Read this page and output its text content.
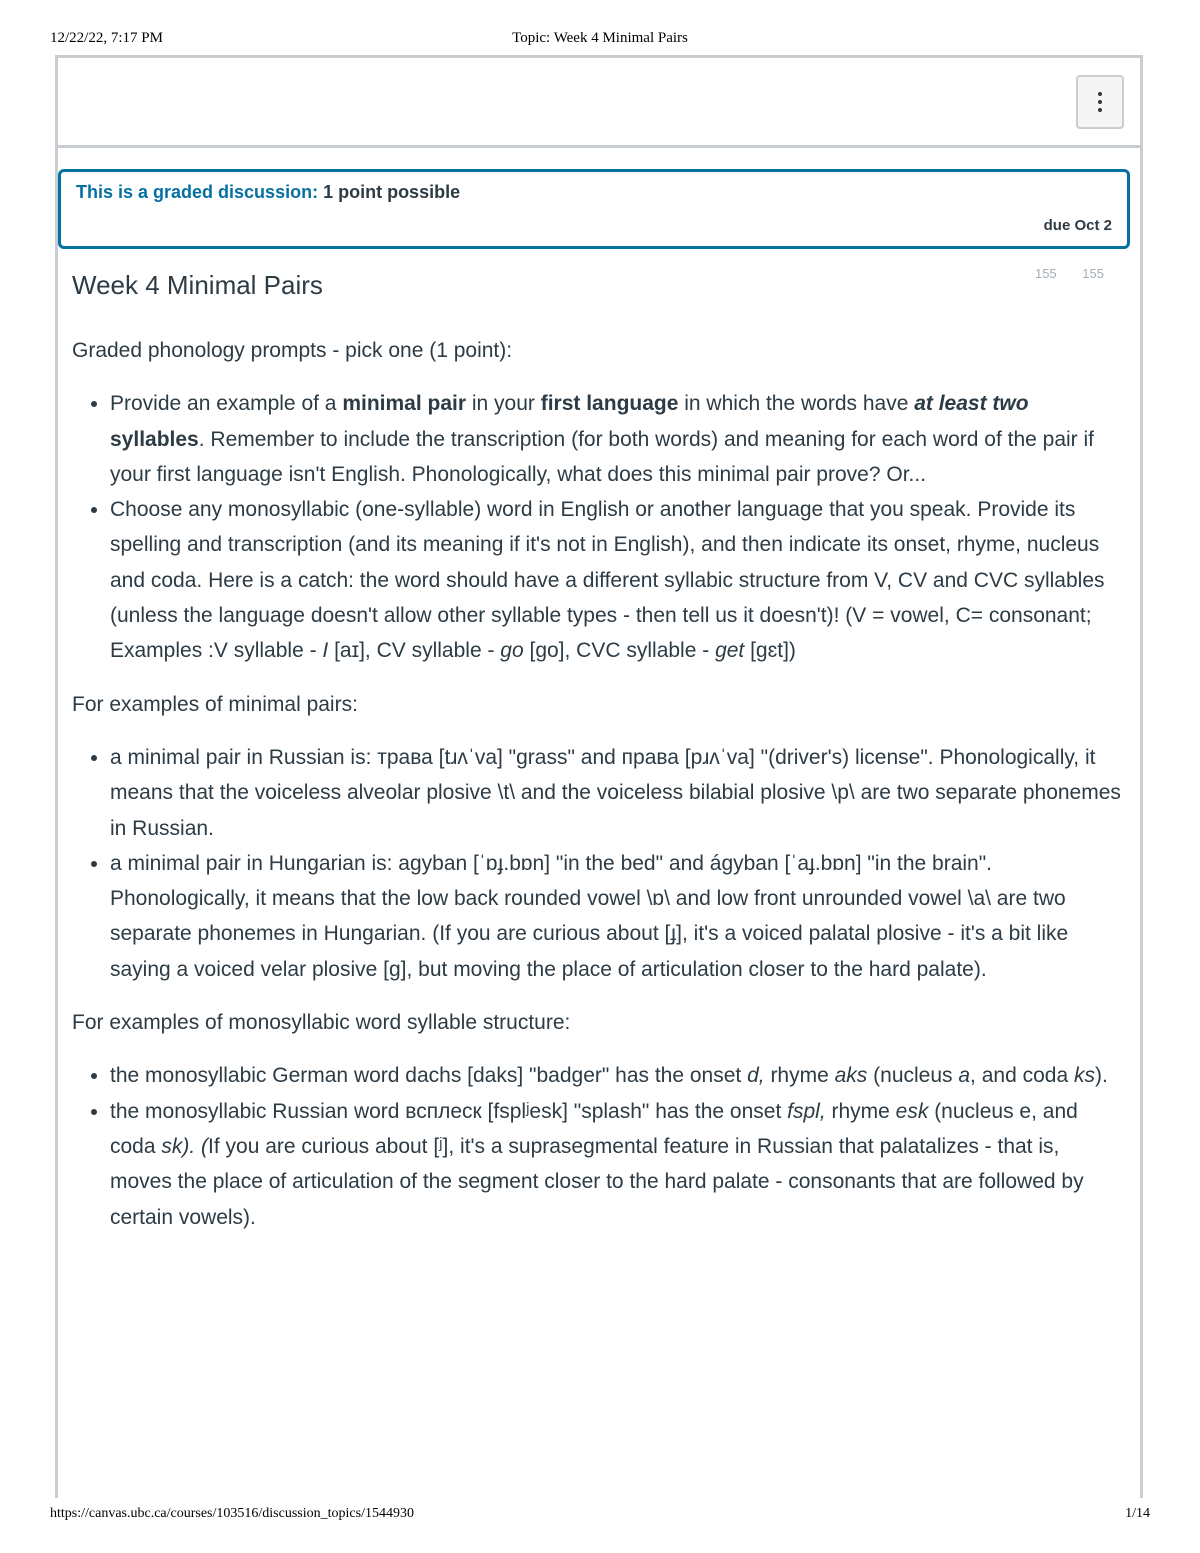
12/22/22, 7:17 PM	Topic: Week 4 Minimal Pairs
This is a graded discussion: 1 point possible
due Oct 2
155 155
Week 4 Minimal Pairs

Graded phonology prompts - pick one (1 point):

• Provide an example of a minimal pair in your first language in which the words have at least two syllables. Remember to include the transcription (for both words) and meaning for each word of the pair if your first language isn't English. Phonologically, what does this minimal pair prove? Or...
• Choose any monosyllabic (one-syllable) word in English or another language that you speak. Provide its spelling and transcription (and its meaning if it's not in English), and then indicate its onset, rhyme, nucleus and coda. Here is a catch: the word should have a different syllabic structure from V, CV and CVC syllables (unless the language doesn't allow other syllable types - then tell us it doesn't)! (V = vowel, C= consonant; Examples :V syllable - I [aɪ], CV syllable - go [go], CVC syllable - get [gɛt])

For examples of minimal pairs:

• a minimal pair in Russian is: трава [tɹʌˈva] "grass" and права [pɹʌˈva] "(driver's) license". Phonologically, it means that the voiceless alveolar plosive \t\ and the voiceless bilabial plosive \p\ are two separate phonemes in Russian.
• a minimal pair in Hungarian is: agyban [ˈɒɟ.bɒn] "in the bed" and ágyban [ˈaɟ.bɒn] "in the brain". Phonologically, it means that the low back rounded vowel \ɒ\ and low front unrounded vowel \a\ are two separate phonemes in Hungarian. (If you are curious about [ɟ], it's a voiced palatal plosive - it's a bit like saying a voiced velar plosive [g], but moving the place of articulation closer to the hard palate).

For examples of monosyllabic word syllable structure:

• the monosyllabic German word dachs [daks] "badger" has the onset d, rhyme aks (nucleus a, and coda ks).
• the monosyllabic Russian word всплеск [fsplʲesk] "splash" has the onset fspl, rhyme esk (nucleus e, and coda sk). (If you are curious about [ʲ], it's a suprasegmental feature in Russian that palatalizes - that is, moves the place of articulation of the segment closer to the hard palate - consonants that are followed by certain vowels).
https://canvas.ubc.ca/courses/103516/discussion_topics/1544930	1/14
